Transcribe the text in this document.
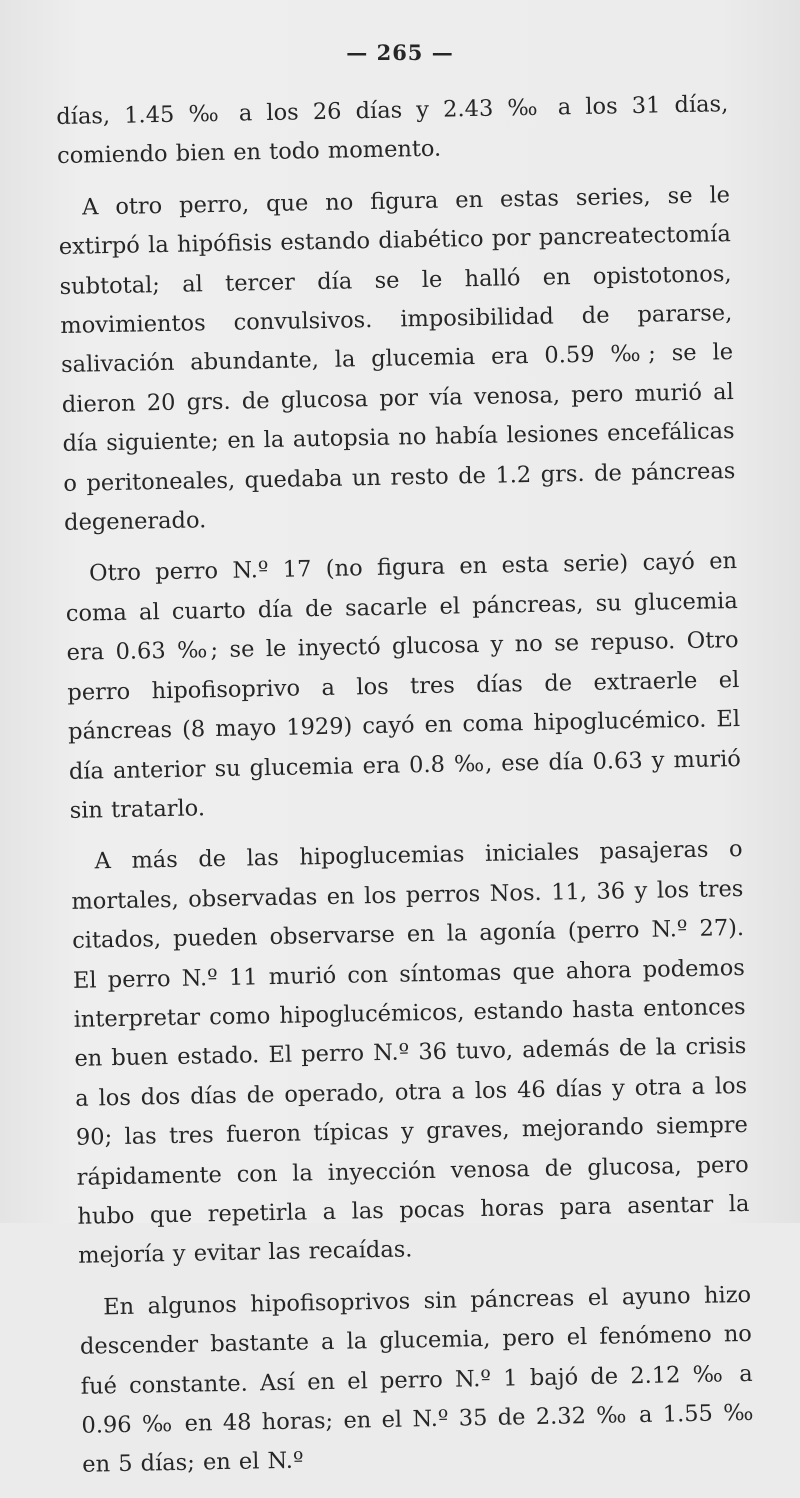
— 265 —

días, 1.45 ‰ a los 26 días y 2.43 ‰ a los 31 días, comiendo bien en todo momento.

A otro perro, que no figura en estas series, se le extirpó la hipófisis estando diabético por pancreatectomía subtotal; al tercer día se le halló en opistotonos, movimientos convulsivos. imposibilidad de pararse, salivación abundante, la glucemia era 0.59 ‰; se le dieron 20 grs. de glucosa por vía venosa, pero murió al día siguiente; en la autopsia no había lesiones encefálicas o peritoneales, quedaba un resto de 1.2 grs. de páncreas degenerado.

Otro perro N.º 17 (no figura en esta serie) cayó en coma al cuarto día de sacarle el páncreas, su glucemia era 0.63 ‰; se le inyectó glucosa y no se repuso. Otro perro hipofisoprivo a los tres días de extraerle el páncreas (8 mayo 1929) cayó en coma hipoglucémico. El día anterior su glucemia era 0.8 ‰, ese día 0.63 y murió sin tratarlo.

A más de las hipoglucemias iniciales pasajeras o mortales, observadas en los perros Nos. 11, 36 y los tres citados, pueden observarse en la agonía (perro N.º 27). El perro N.º 11 murió con síntomas que ahora podemos interpretar como hipoglucémicos, estando hasta entonces en buen estado. El perro N.º 36 tuvo, además de la crisis a los dos días de operado, otra a los 46 días y otra a los 90; las tres fueron típicas y graves, mejorando siempre rápidamente con la inyección venosa de glucosa, pero hubo que repetirla a las pocas horas para asentar la mejoría y evitar las recaídas.

En algunos hipofisoprivos sin páncreas el ayuno hizo descender bastante a la glucemia, pero el fenómeno no fué constante. Así en el perro N.º 1 bajó de 2.12 ‰ a 0.96 ‰ en 48 horas; en el N.º 35 de 2.32 ‰ a 1.55 ‰ en 5 días; en el N.º
